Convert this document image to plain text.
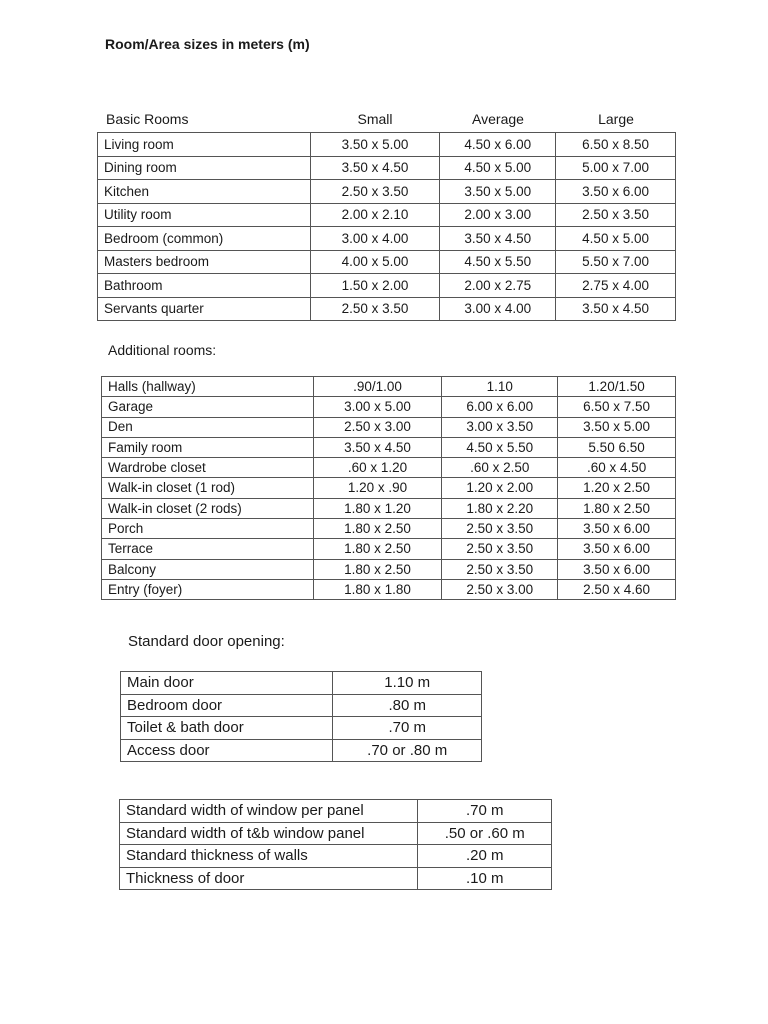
Room/Area sizes in meters (m)
Basic Rooms	Small	Average	Large
Living room	3.50 x 5.00	4.50 x 6.00	6.50 x 8.50
Dining room	3.50 x 4.50	4.50 x 5.00	5.00 x 7.00
Kitchen	2.50 x 3.50	3.50 x 5.00	3.50 x 6.00
Utility room	2.00 x 2.10	2.00 x 3.00	2.50 x 3.50
Bedroom (common)	3.00 x 4.00	3.50 x 4.50	4.50 x 5.00
Masters bedroom	4.00 x 5.00	4.50 x 5.50	5.50 x 7.00
Bathroom	1.50 x 2.00	2.00 x 2.75	2.75 x 4.00
Servants quarter	2.50 x 3.50	3.00 x 4.00	3.50 x 4.50
Additional rooms:
Halls (hallway)	.90/1.00	1.10	1.20/1.50
Garage	3.00 x 5.00	6.00 x 6.00	6.50 x 7.50
Den	2.50 x 3.00	3.00 x 3.50	3.50 x 5.00
Family room	3.50 x 4.50	4.50 x 5.50	5.50 6.50
Wardrobe closet	.60 x 1.20	.60 x 2.50	.60 x 4.50
Walk-in closet (1 rod)	1.20 x .90	1.20 x 2.00	1.20 x 2.50
Walk-in closet (2 rods)	1.80 x 1.20	1.80 x 2.20	1.80 x 2.50
Porch	1.80 x 2.50	2.50 x 3.50	3.50 x 6.00
Terrace	1.80 x 2.50	2.50 x 3.50	3.50 x 6.00
Balcony	1.80 x 2.50	2.50 x 3.50	3.50 x 6.00
Entry (foyer)	1.80 x 1.80	2.50 x 3.00	2.50 x 4.60
Standard door opening:
Main door	1.10 m
Bedroom door	.80 m
Toilet & bath door	.70 m
Access door	.70 or .80 m
Standard width of window per panel	.70 m
Standard width of t&b window panel	.50 or .60 m
Standard thickness of walls	.20 m
Thickness of door	.10 m
